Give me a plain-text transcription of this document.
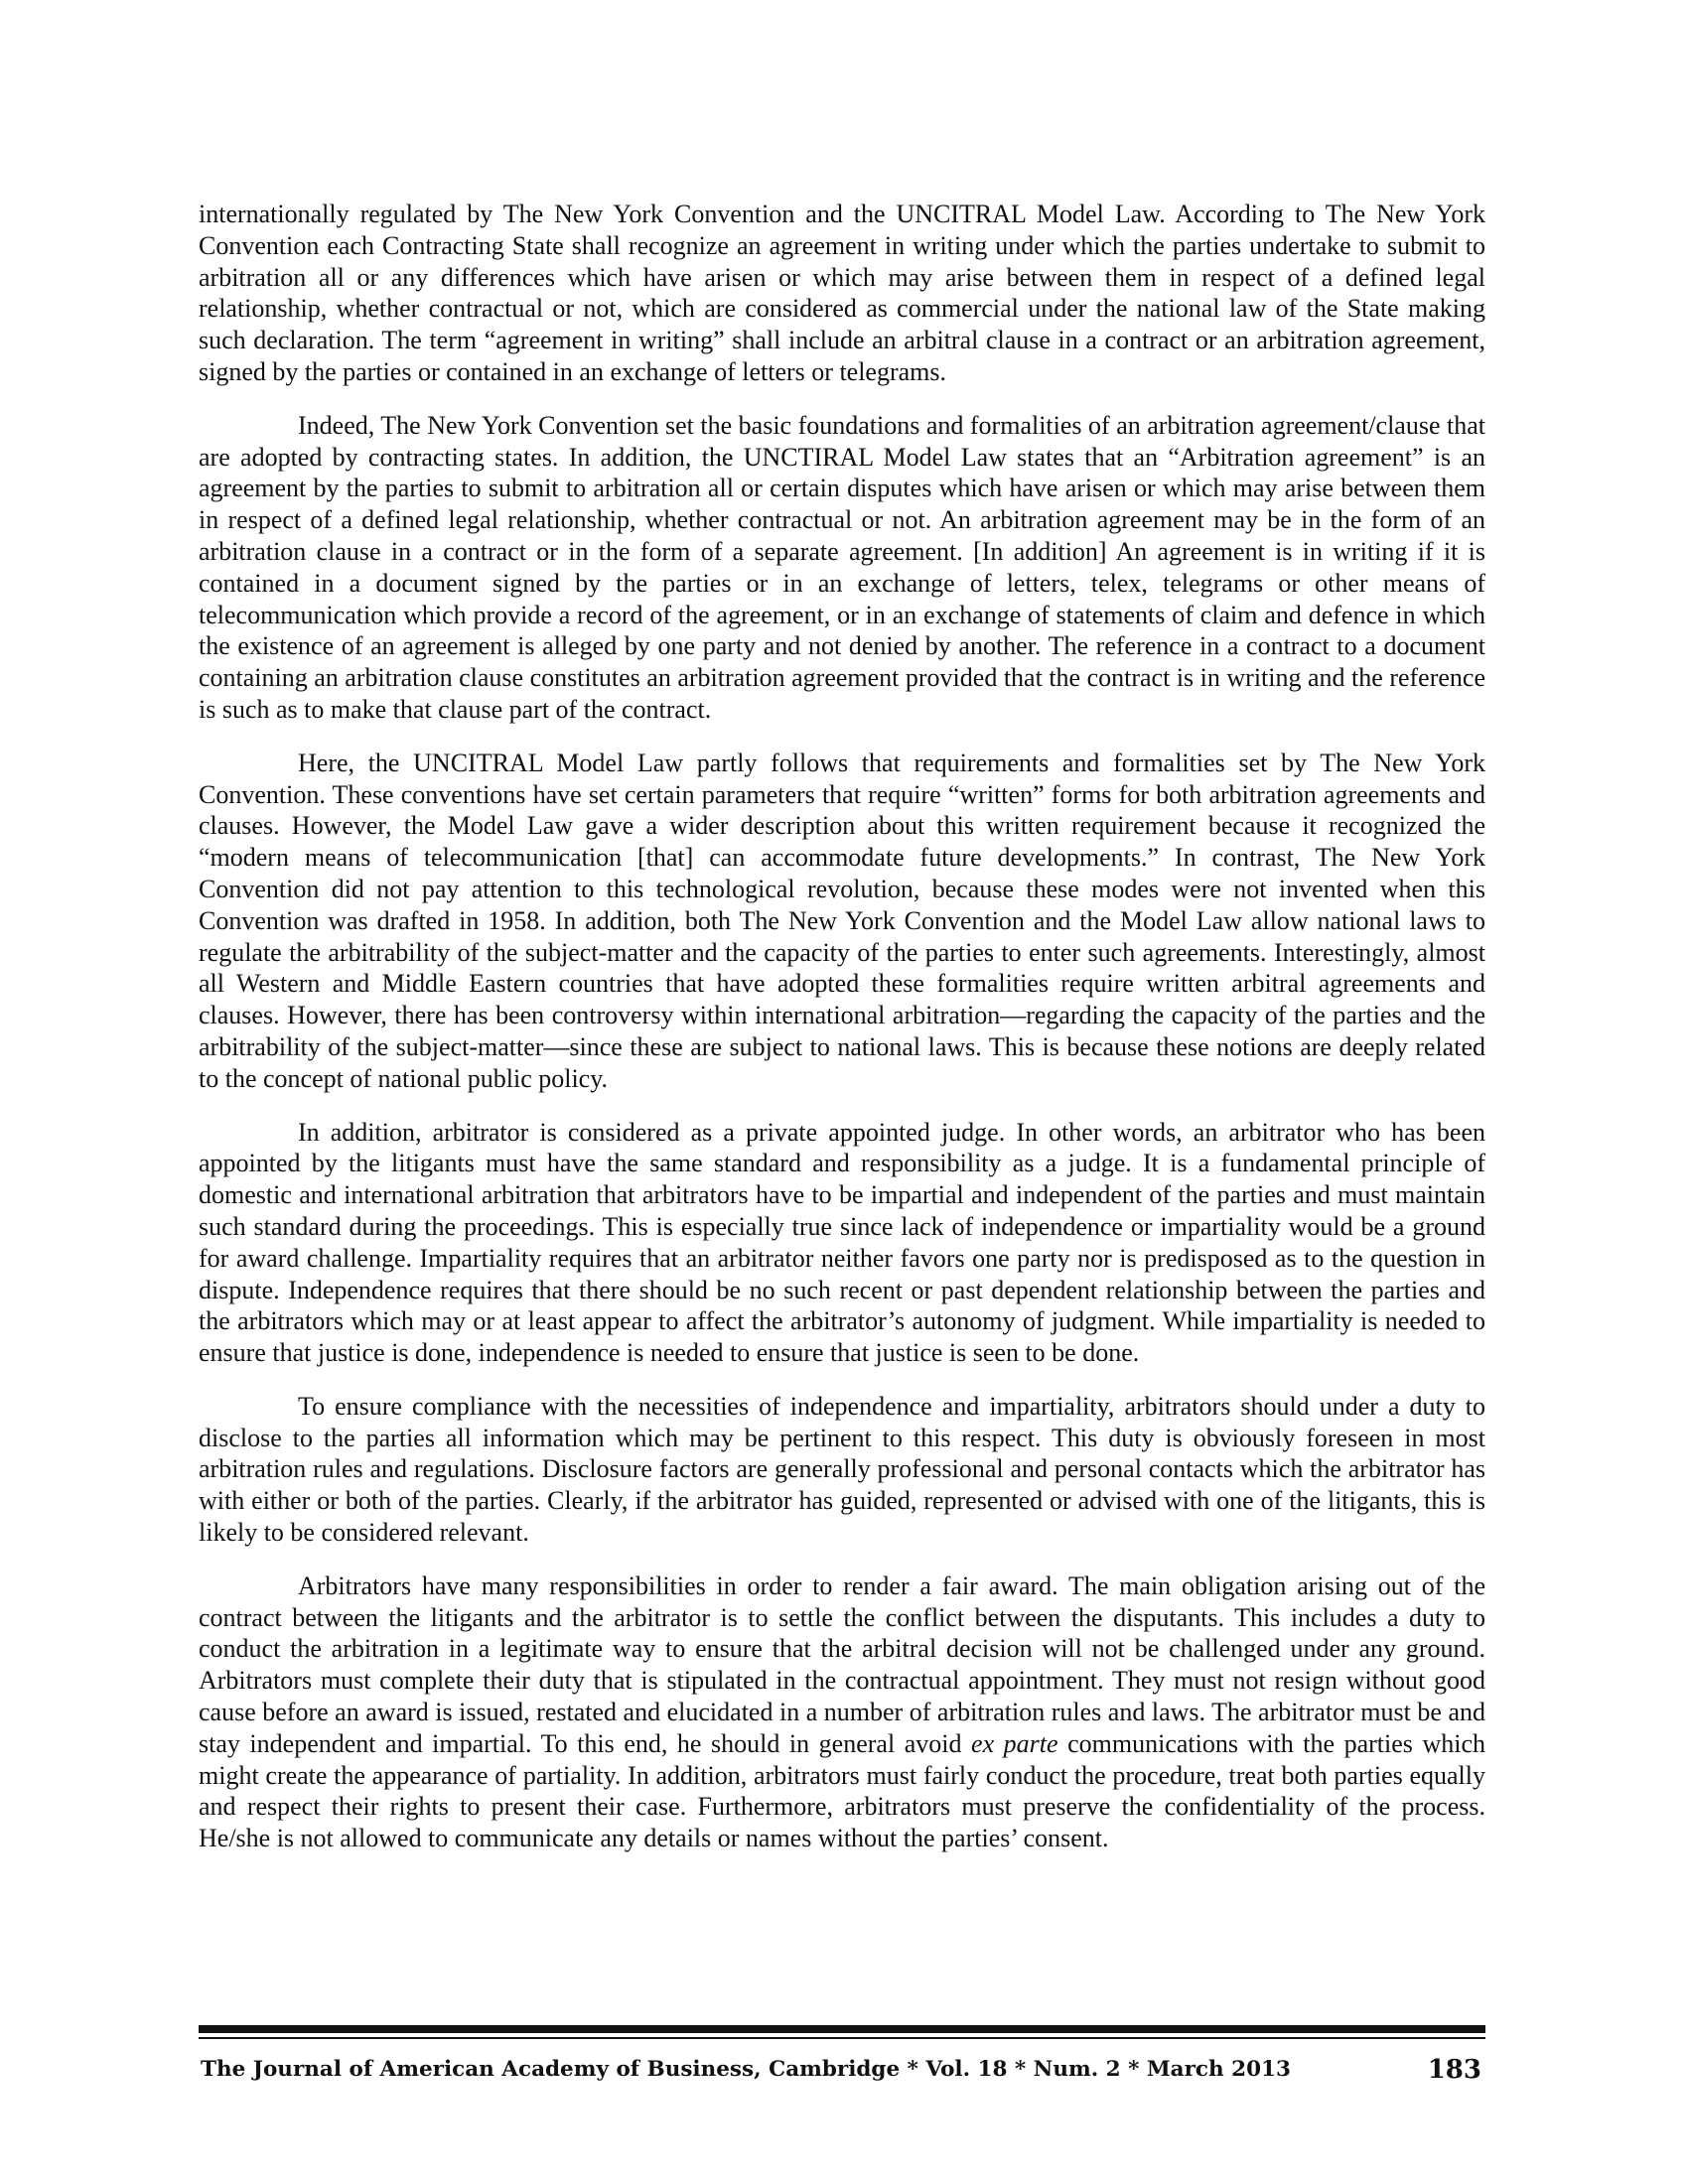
internationally regulated by The New York Convention and the UNCITRAL Model Law. According to The New York Convention each Contracting State shall recognize an agreement in writing under which the parties undertake to submit to arbitration all or any differences which have arisen or which may arise between them in respect of a defined legal relationship, whether contractual or not, which are considered as commercial under the national law of the State making such declaration. The term “agreement in writing” shall include an arbitral clause in a contract or an arbitration agreement, signed by the parties or contained in an exchange of letters or telegrams.

Indeed, The New York Convention set the basic foundations and formalities of an arbitration agreement/clause that are adopted by contracting states. In addition, the UNCTIRAL Model Law states that an “Arbitration agreement” is an agreement by the parties to submit to arbitration all or certain disputes which have arisen or which may arise between them in respect of a defined legal relationship, whether contractual or not. An arbitration agreement may be in the form of an arbitration clause in a contract or in the form of a separate agreement. [In addition] An agreement is in writing if it is contained in a document signed by the parties or in an exchange of letters, telex, telegrams or other means of telecommunication which provide a record of the agreement, or in an exchange of statements of claim and defence in which the existence of an agreement is alleged by one party and not denied by another. The reference in a contract to a document containing an arbitration clause constitutes an arbitration agreement provided that the contract is in writing and the reference is such as to make that clause part of the contract.

Here, the UNCITRAL Model Law partly follows that requirements and formalities set by The New York Convention. These conventions have set certain parameters that require “written” forms for both arbitration agreements and clauses. However, the Model Law gave a wider description about this written requirement because it recognized the “modern means of telecommunication [that] can accommodate future developments.” In contrast, The New York Convention did not pay attention to this technological revolution, because these modes were not invented when this Convention was drafted in 1958. In addition, both The New York Convention and the Model Law allow national laws to regulate the arbitrability of the subject-matter and the capacity of the parties to enter such agreements. Interestingly, almost all Western and Middle Eastern countries that have adopted these formalities require written arbitral agreements and clauses. However, there has been controversy within international arbitration—regarding the capacity of the parties and the arbitrability of the subject-matter—since these are subject to national laws. This is because these notions are deeply related to the concept of national public policy.

In addition, arbitrator is considered as a private appointed judge. In other words, an arbitrator who has been appointed by the litigants must have the same standard and responsibility as a judge. It is a fundamental principle of domestic and international arbitration that arbitrators have to be impartial and independent of the parties and must maintain such standard during the proceedings. This is especially true since lack of independence or impartiality would be a ground for award challenge. Impartiality requires that an arbitrator neither favors one party nor is predisposed as to the question in dispute. Independence requires that there should be no such recent or past dependent relationship between the parties and the arbitrators which may or at least appear to affect the arbitrator’s autonomy of judgment. While impartiality is needed to ensure that justice is done, independence is needed to ensure that justice is seen to be done.

To ensure compliance with the necessities of independence and impartiality, arbitrators should under a duty to disclose to the parties all information which may be pertinent to this respect. This duty is obviously foreseen in most arbitration rules and regulations. Disclosure factors are generally professional and personal contacts which the arbitrator has with either or both of the parties. Clearly, if the arbitrator has guided, represented or advised with one of the litigants, this is likely to be considered relevant.

Arbitrators have many responsibilities in order to render a fair award. The main obligation arising out of the contract between the litigants and the arbitrator is to settle the conflict between the disputants. This includes a duty to conduct the arbitration in a legitimate way to ensure that the arbitral decision will not be challenged under any ground. Arbitrators must complete their duty that is stipulated in the contractual appointment. They must not resign without good cause before an award is issued, restated and elucidated in a number of arbitration rules and laws. The arbitrator must be and stay independent and impartial. To this end, he should in general avoid ex parte communications with the parties which might create the appearance of partiality. In addition, arbitrators must fairly conduct the procedure, treat both parties equally and respect their rights to present their case. Furthermore, arbitrators must preserve the confidentiality of the process. He/she is not allowed to communicate any details or names without the parties’ consent.

The Journal of American Academy of Business, Cambridge * Vol. 18 * Num. 2 * March 2013	183
